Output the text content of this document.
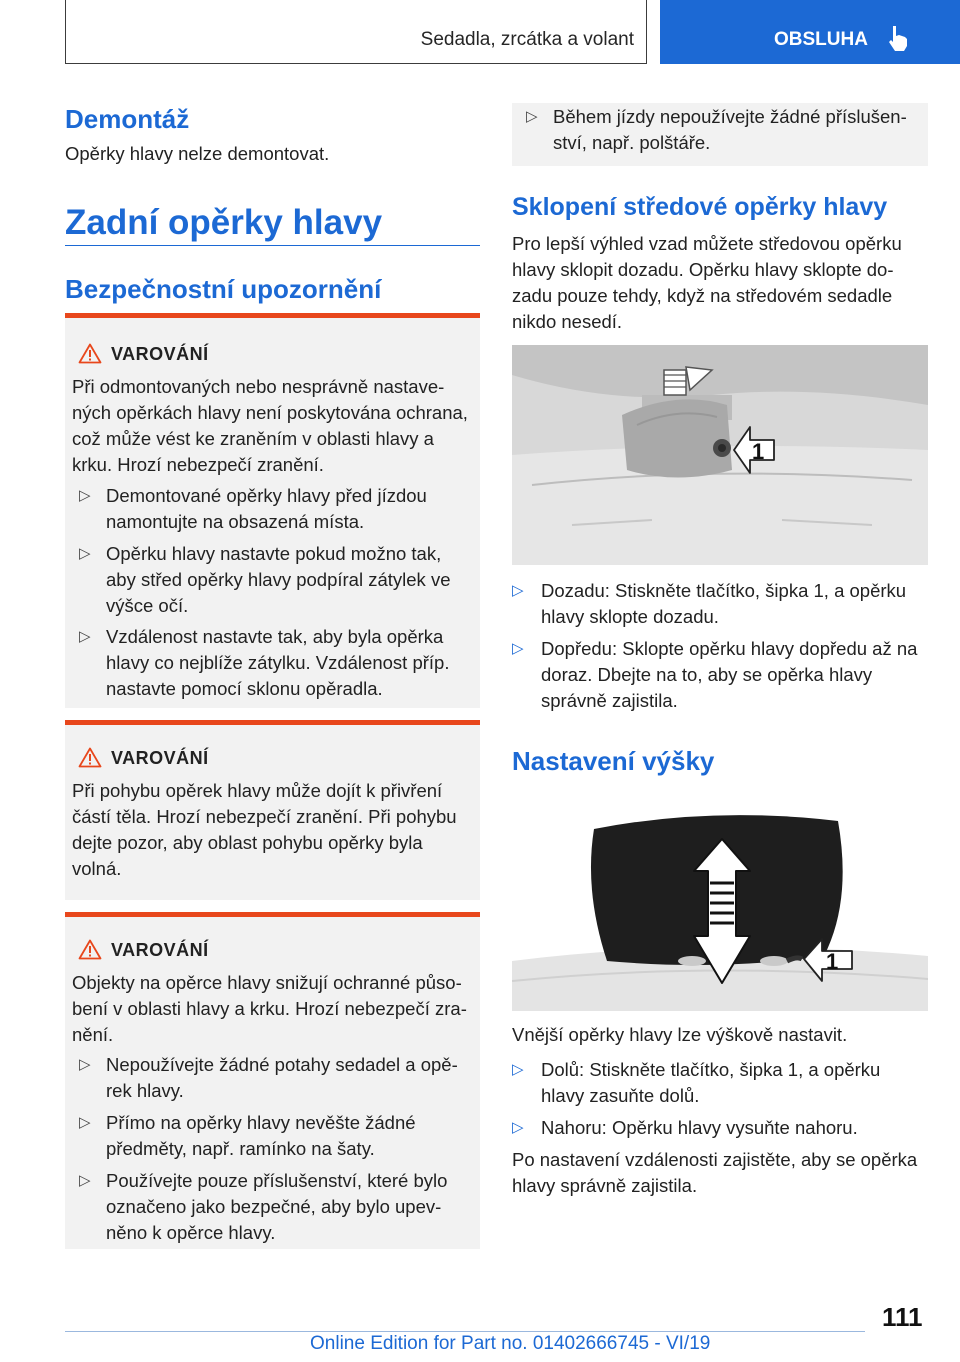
Sedadla, zrcátka a volant	OBSLUHA
Demontáž
Opěrky hlavy nelze demontovat.
Zadní opěrky hlavy
Bezpečnostní upozornění
VAROVÁNÍ
Při odmontovaných nebo nesprávně nastave-
ných opěrkách hlavy není poskytována ochrana,
což může vést ke zraněním v oblasti hlavy a
krku. Hrozí nebezpečí zranění.
▷ Demontované opěrky hlavy před jízdou
namontujte na obsazená místa.
▷ Opěrku hlavy nastavte pokud možno tak,
aby střed opěrky hlavy podpíral zátylek ve
výšce očí.
▷ Vzdálenost nastavte tak, aby byla opěrka
hlavy co nejblíže zátylku. Vzdálenost příp.
nastavte pomocí sklonu opěradla.
VAROVÁNÍ
Při pohybu opěrek hlavy může dojít k přivření
částí těla. Hrozí nebezpečí zranění. Při pohybu
dejte pozor, aby oblast pohybu opěrky byla
volná.
VAROVÁNÍ
Objekty na opěrce hlavy snižují ochranné půso-
bení v oblasti hlavy a krku. Hrozí nebezpečí zra-
nění.
▷ Nepoužívejte žádné potahy sedadel a opě-
rek hlavy.
▷ Přímo na opěrky hlavy nevěšte žádné
předměty, např. ramínko na šaty.
▷ Používejte pouze příslušenství, které bylo
označeno jako bezpečné, aby bylo upev-
něno k opěrce hlavy.
▷ Během jízdy nepoužívejte žádné příslušen-
ství, např. polštáře.
Sklopení středové opěrky hlavy
Pro lepší výhled vzad můžete středovou opěrku
hlavy sklopit dozadu. Opěrku hlavy sklopte do-
zadu pouze tehdy, když na středovém sedadle
nikdo nesedí.
1
▷ Dozadu: Stiskněte tlačítko, šipka 1, a opěrku
hlavy sklopte dozadu.
▷ Dopředu: Sklopte opěrku hlavy dopředu až na
doraz. Dbejte na to, aby se opěrka hlavy
správně zajistila.
Nastavení výšky
1
Vnější opěrky hlavy lze výškově nastavit.
▷ Dolů: Stiskněte tlačítko, šipka 1, a opěrku
hlavy zasuňte dolů.
▷ Nahoru: Opěrku hlavy vysuňte nahoru.
Po nastavení vzdálenosti zajistěte, aby se opěrka
hlavy správně zajistila.
111
Online Edition for Part no. 01402666745 - VI/19
